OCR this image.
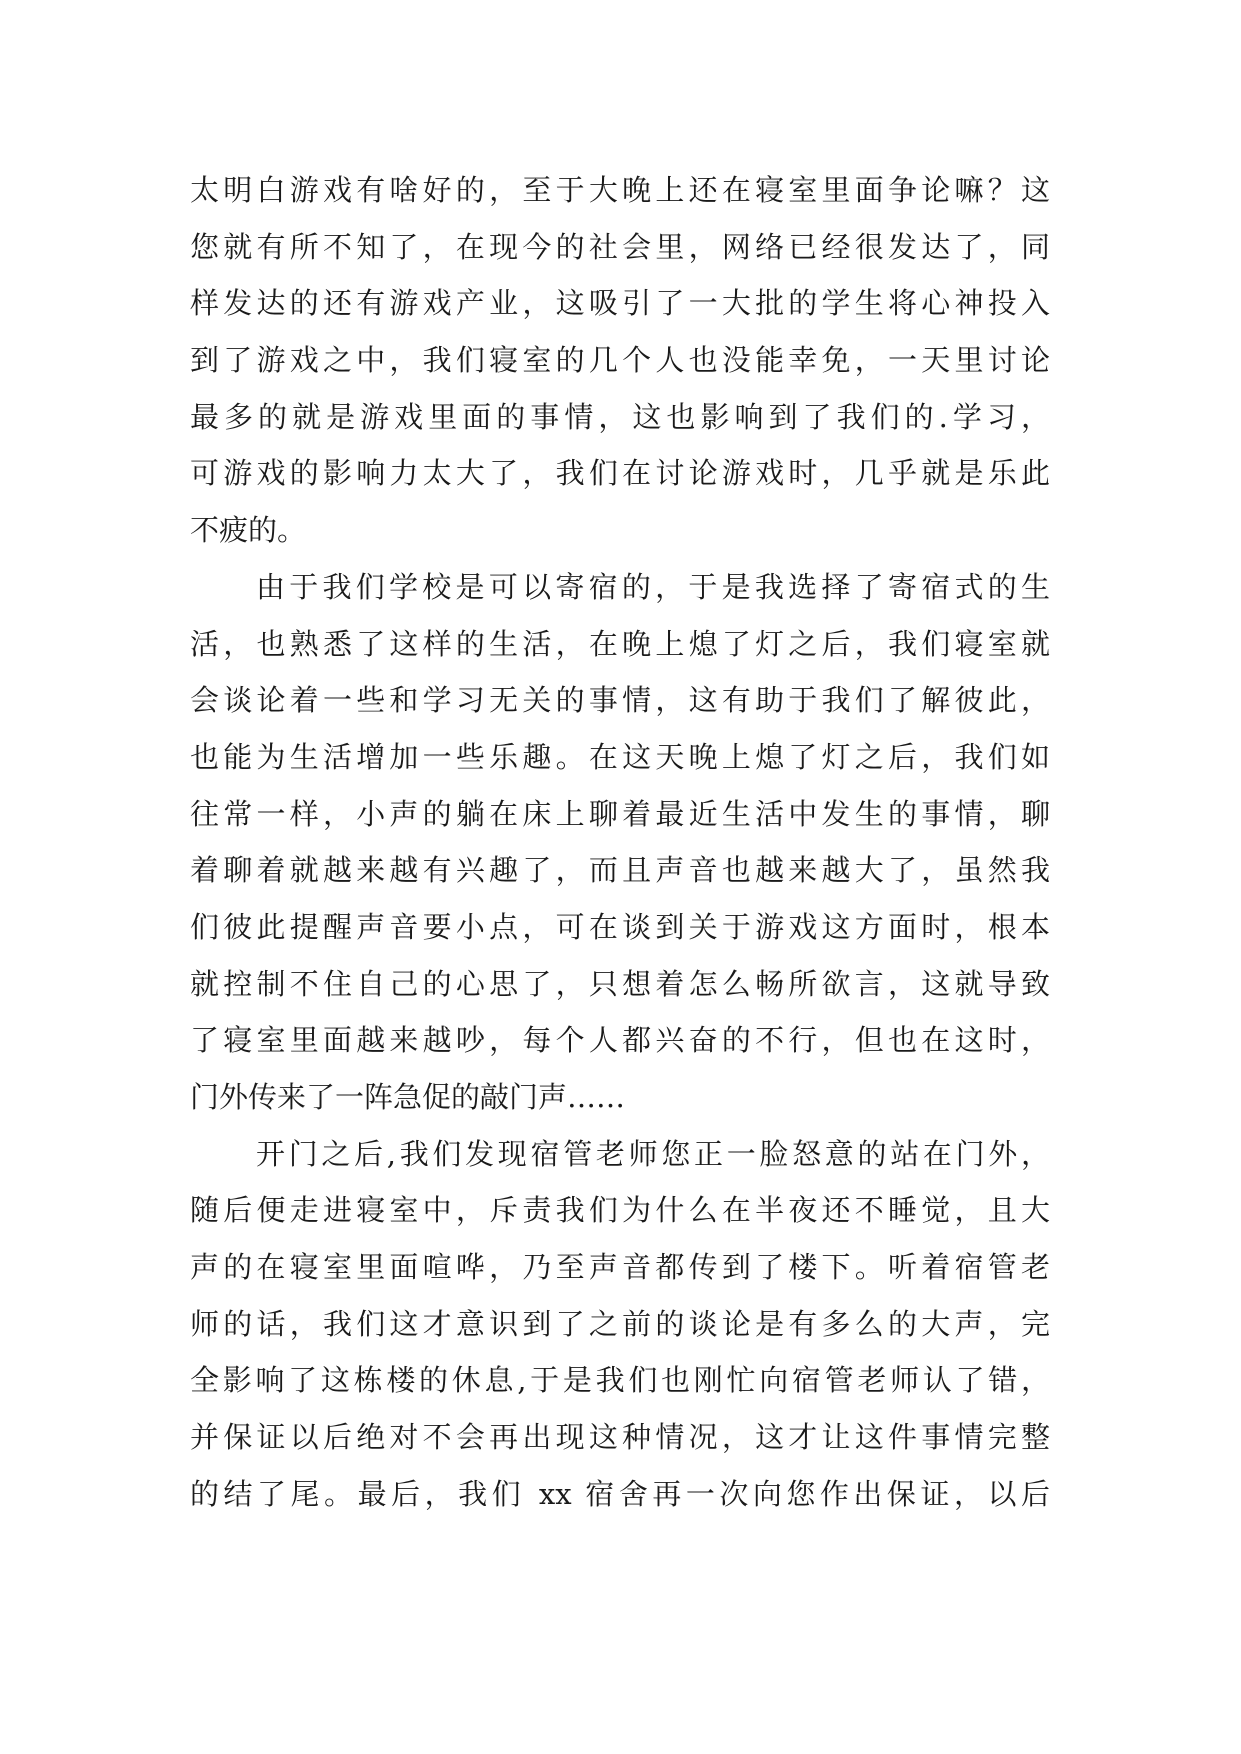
太明白游戏有啥好的，至于大晚上还在寝室里面争论嘛？这
您就有所不知了，在现今的社会里，网络已经很发达了，同
样发达的还有游戏产业，这吸引了一大批的学生将心神投入
到了游戏之中，我们寝室的几个人也没能幸免，一天里讨论
最多的就是游戏里面的事情，这也影响到了我们的.学习，
可游戏的影响力太大了，我们在讨论游戏时，几乎就是乐此
不疲的。
由于我们学校是可以寄宿的，于是我选择了寄宿式的生
活，也熟悉了这样的生活，在晚上熄了灯之后，我们寝室就
会谈论着一些和学习无关的事情，这有助于我们了解彼此，
也能为生活增加一些乐趣。在这天晚上熄了灯之后，我们如
往常一样，小声的躺在床上聊着最近生活中发生的事情，聊
着聊着就越来越有兴趣了，而且声音也越来越大了，虽然我
们彼此提醒声音要小点，可在谈到关于游戏这方面时，根本
就控制不住自己的心思了，只想着怎么畅所欲言，这就导致
了寝室里面越来越吵，每个人都兴奋的不行，但也在这时，
门外传来了一阵急促的敲门声……
开门之后,我们发现宿管老师您正一脸怒意的站在门外，
随后便走进寝室中，斥责我们为什么在半夜还不睡觉，且大
声的在寝室里面喧哗，乃至声音都传到了楼下。听着宿管老
师的话，我们这才意识到了之前的谈论是有多么的大声，完
全影响了这栋楼的休息,于是我们也刚忙向宿管老师认了错，
并保证以后绝对不会再出现这种情况，这才让这件事情完整
的结了尾。最后，我们 xx 宿舍再一次向您作出保证，以后
